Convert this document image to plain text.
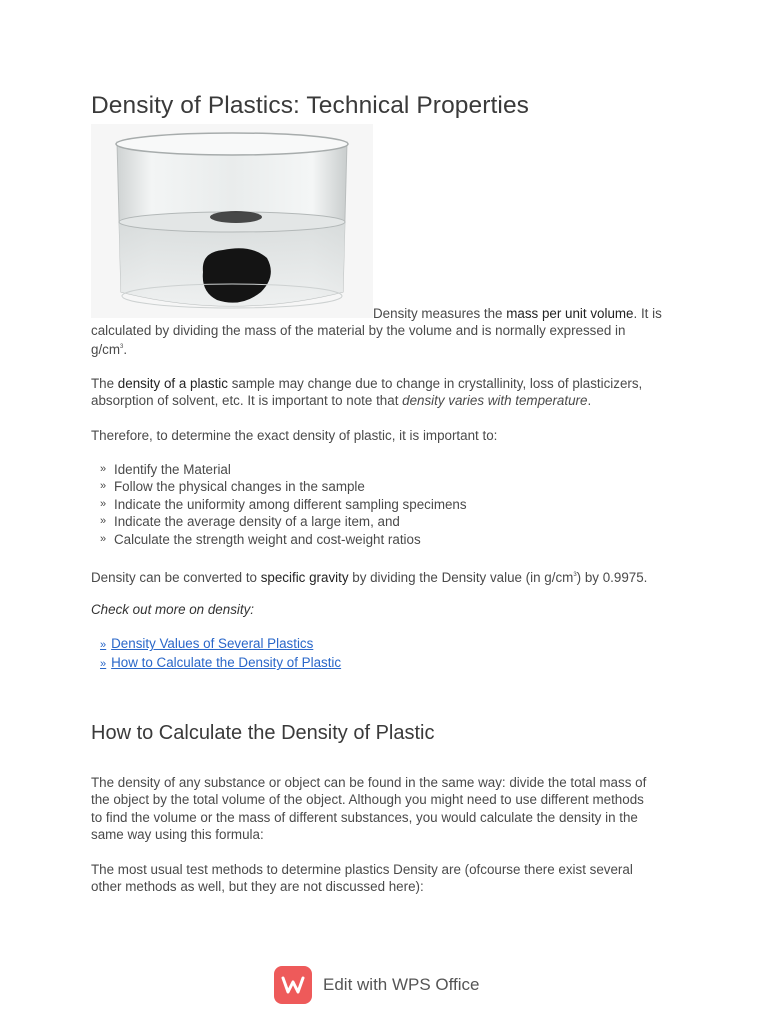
Density of Plastics: Technical Properties
Density measures the mass per unit volume. It is

calculated by dividing the mass of the material by the volume and is normally expressed in
$g/cm^3$.

The density of a plastic sample may change due to change in crystallinity, loss of plasticizers,
absorption of solvent, etc. It is important to note that density varies with temperature.

Therefore, to determine the exact density of plastic, it is important to:

» Identify the Material
» Follow the physical changes in the sample
» Indicate the uniformity among different sampling specimens
» Indicate the average density of a large item, and
» Calculate the strength weight and cost-weight ratios

Density can be converted to specific gravity by dividing the Density value (in $g/cm^3$) by 0.9975.

Check out more on density:

» Density Values of Several Plastics
» How to Calculate the Density of Plastic
How to Calculate the Density of Plastic

The density of any substance or object can be found in the same way: divide the total mass of
the object by the total volume of the object. Although you might need to use different methods
to find the volume or the mass of different substances, you would calculate the density in the
same way using this formula:

The most usual test methods to determine plastics Density are (ofcourse there exist several
other methods as well, but they are not discussed here):

Edit with WPS Office
